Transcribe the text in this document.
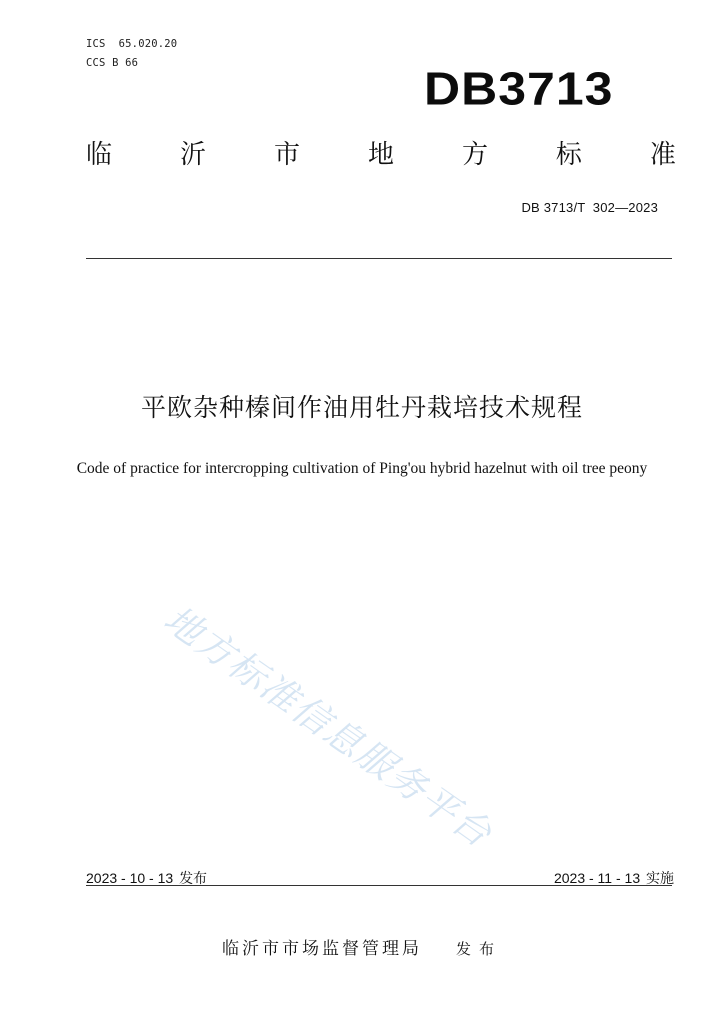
ICS 65.020.20
CCS B 66
DB3713
临	沂	市	地	方	标	准
DB 3713/T  302—2023
平欧杂种榛间作油用牡丹栽培技术规程
Code of practice for intercropping cultivation of Ping'ou hybrid hazelnut with oil tree peony
地方标准信息服务平台
2023 - 10 - 13 发布	2023 - 11 - 13 实施
临沂市市场监督管理局 发布
